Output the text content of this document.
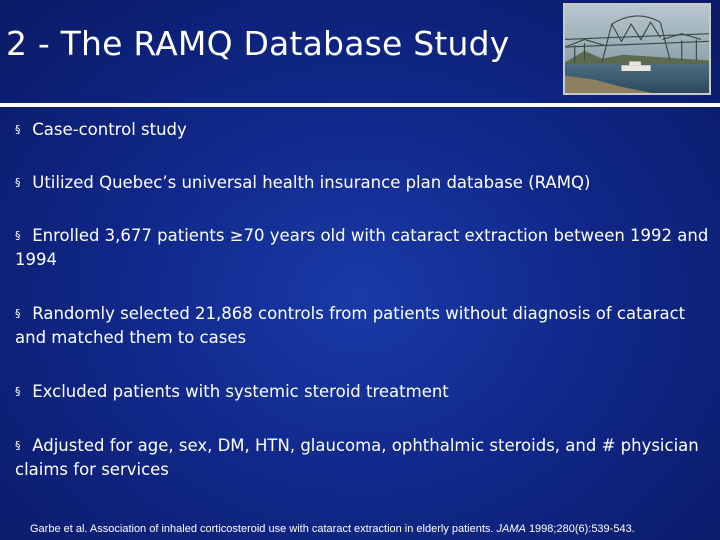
2 - The RAMQ Database Study
§ Case-control study
§ Utilized Quebec’s universal health insurance plan database (RAMQ)
§ Enrolled 3,677 patients ≥70 years old with cataract extraction between 1992 and 1994
§ Randomly selected 21,868 controls from patients without diagnosis of cataract and matched them to cases
§ Excluded patients with systemic steroid treatment
§ Adjusted for age, sex, DM, HTN, glaucoma, ophthalmic steroids, and # physician claims for services
Garbe et al. Association of inhaled corticosteroid use with cataract extraction in elderly patients. JAMA 1998;280(6):539-543.
